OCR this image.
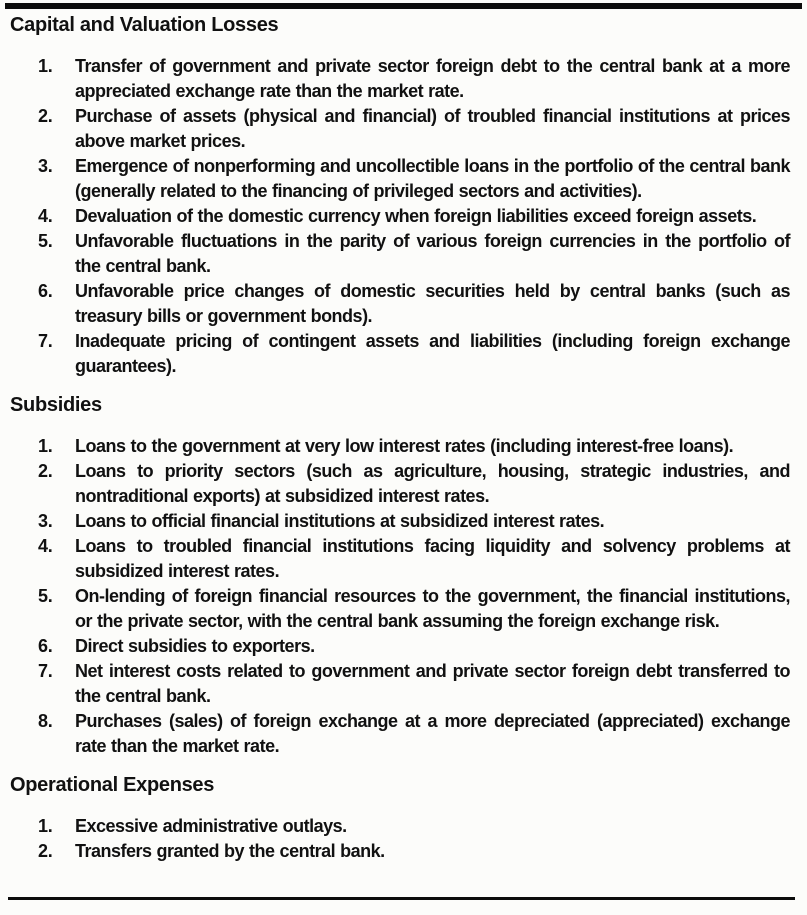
Capital and Valuation Losses
1.	Transfer of government and private sector foreign debt to the central bank at a more appreciated exchange rate than the market rate.
2.	Purchase of assets (physical and financial) of troubled financial institutions at prices above market prices.
3.	Emergence of nonperforming and uncollectible loans in the portfolio of the central bank (generally related to the financing of privileged sectors and activities).
4.	Devaluation of the domestic currency when foreign liabilities exceed foreign assets.
5.	Unfavorable fluctuations in the parity of various foreign currencies in the portfolio of the central bank.
6.	Unfavorable price changes of domestic securities held by central banks (such as treasury bills or government bonds).
7.	Inadequate pricing of contingent assets and liabilities (including foreign exchange guarantees).
Subsidies
1.	Loans to the government at very low interest rates (including interest-free loans).
2.	Loans to priority sectors (such as agriculture, housing, strategic industries, and nontraditional exports) at subsidized interest rates.
3.	Loans to official financial institutions at subsidized interest rates.
4.	Loans to troubled financial institutions facing liquidity and solvency problems at subsidized interest rates.
5.	On-lending of foreign financial resources to the government, the financial institutions, or the private sector, with the central bank assuming the foreign exchange risk.
6.	Direct subsidies to exporters.
7.	Net interest costs related to government and private sector foreign debt transferred to the central bank.
8.	Purchases (sales) of foreign exchange at a more depreciated (appreciated) exchange rate than the market rate.
Operational Expenses
1.	Excessive administrative outlays.
2.	Transfers granted by the central bank.
